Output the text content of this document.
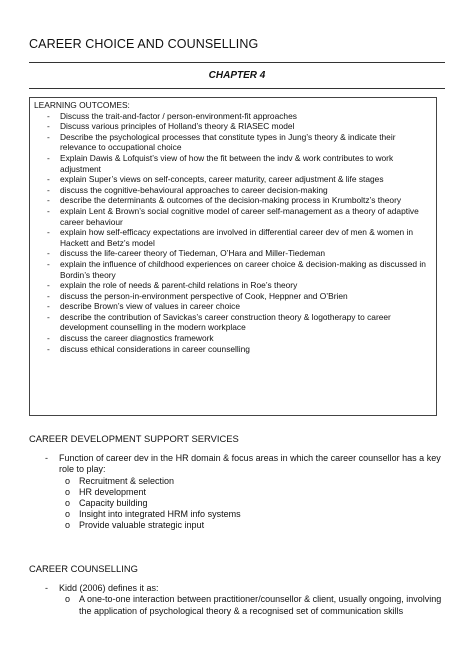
CAREER CHOICE AND COUNSELLING
CHAPTER 4

LEARNING OUTCOMES:

- Discuss the trait-and-factor / person-environment-fit approaches
- Discuss various principles of Holland’s theory & RIASEC model
- Describe the psychological processes that constitute types in Jung’s theory & indicate their relevance to occupational choice
- Explain Dawis & Lofquist’s view of how the fit between the indv & work contributes to work adjustment
- explain Super’s views on self-concepts, career maturity, career adjustment & life stages
- discuss the cognitive-behavioural approaches to career decision-making
- describe the determinants & outcomes of the decision-making process in Krumboltz’s theory
- explain Lent & Brown’s social cognitive model of career self-management as a theory of adaptive career behaviour
- explain how self-efficacy expectations are involved in differential career dev of men & women in Hackett and Betz’s model
- discuss the life-career theory of Tiedeman, O’Hara and Miller-Tiedeman
- explain the influence of childhood experiences on career choice & decision-making as discussed in Bordin’s theory
- explain the role of needs & parent-child relations in Roe’s theory
- discuss the person-in-environment perspective of Cook, Heppner and O’Brien
- describe Brown’s view of values in career choice
- describe the contribution of Savickas’s career construction theory & logotherapy to career development counselling in the modern workplace
- discuss the career diagnostics framework
- discuss ethical considerations in career counselling
CAREER DEVELOPMENT SUPPORT SERVICES
- Function of career dev in the HR domain & focus areas in which the career counsellor has a key role to play:
o Recruitment & selection
o HR development
o Capacity building
o Insight into integrated HRM info systems
o Provide valuable strategic input
CAREER COUNSELLING
- Kidd (2006) defines it as:
o A one-to-one interaction between practitioner/counsellor & client, usually ongoing, involving the application of psychological theory & a recognised set of communication skills
